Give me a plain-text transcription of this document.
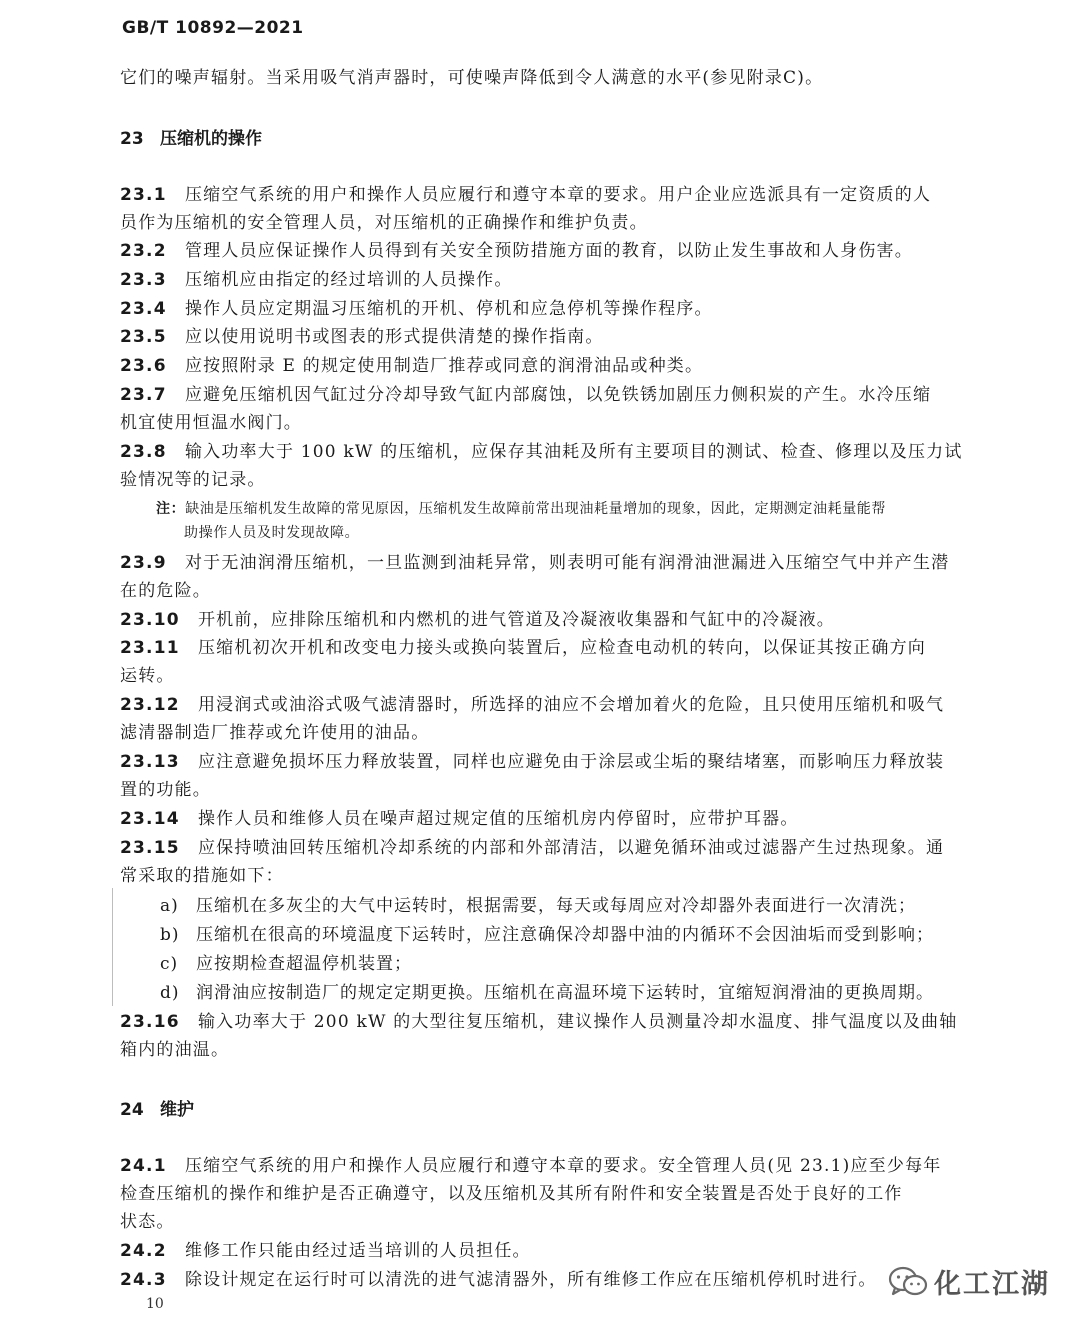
GB/T 10892—2021
它们的噪声辐射。当采用吸气消声器时，可使噪声降低到令人满意的水平(参见附录C)。
23 压缩机的操作
23.1　 压缩空气系统的用户和操作人员应履行和遵守本章的要求。用户企业应选派具有一定资质的人
员作为压缩机的安全管理人员，对压缩机的正确操作和维护负责。
23.2　 管理人员应保证操作人员得到有关安全预防措施方面的教育，以防止发生事故和人身伤害。
23.3　 压缩机应由指定的经过培训的人员操作。
23.4　 操作人员应定期温习压缩机的开机、停机和应急停机等操作程序。
23.5　 应以使用说明书或图表的形式提供清楚的操作指南。
23.6　 应按照附录 E 的规定使用制造厂推荐或同意的润滑油品或种类。
23.7　 应避免压缩机因气缸过分冷却导致气缸内部腐蚀，以免铁锈加剧压力侧积炭的产生。水冷压缩
机宜使用恒温水阀门。
23.8　 输入功率大于 100 kW 的压缩机，应保存其油耗及所有主要项目的测试、检查、修理以及压力试
验情况等的记录。
注：缺油是压缩机发生故障的常见原因，压缩机发生故障前常出现油耗量增加的现象，因此，定期测定油耗量能帮
助操作人员及时发现故障。
23.9　 对于无油润滑压缩机，一旦监测到油耗异常，则表明可能有润滑油泄漏进入压缩空气中并产生潜
在的危险。
23.10　 开机前，应排除压缩机和内燃机的进气管道及冷凝液收集器和气缸中的冷凝液。
23.11　 压缩机初次开机和改变电力接头或换向装置后，应检查电动机的转向，以保证其按正确方向
运转。
23.12　 用浸润式或油浴式吸气滤清器时，所选择的油应不会增加着火的危险，且只使用压缩机和吸气
滤清器制造厂推荐或允许使用的油品。
23.13　 应注意避免损坏压力释放装置，同样也应避免由于涂层或尘垢的聚结堵塞，而影响压力释放装
置的功能。
23.14　 操作人员和维修人员在噪声超过规定值的压缩机房内停留时，应带护耳器。
23.15　 应保持喷油回转压缩机冷却系统的内部和外部清洁，以避免循环油或过滤器产生过热现象。通
常采取的措施如下：
a) 压缩机在多灰尘的大气中运转时，根据需要，每天或每周应对冷却器外表面进行一次清洗；
b) 压缩机在很高的环境温度下运转时，应注意确保冷却器中油的内循环不会因油垢而受到影响；
c) 应按期检查超温停机装置；
d) 润滑油应按制造厂的规定定期更换。压缩机在高温环境下运转时，宜缩短润滑油的更换周期。
23.16　 输入功率大于 200 kW 的大型往复压缩机，建议操作人员测量冷却水温度、排气温度以及曲轴
箱内的油温。
24 维护
24.1　 压缩空气系统的用户和操作人员应履行和遵守本章的要求。安全管理人员(见 23.1)应至少每年
检查压缩机的操作和维护是否正确遵守，以及压缩机及其所有附件和安全装置是否处于良好的工作
状态。
24.2　 维修工作只能由经过适当培训的人员担任。
24.3　 除设计规定在运行时可以清洗的进气滤清器外，所有维修工作应在压缩机停机时进行。
10
化工江湖
